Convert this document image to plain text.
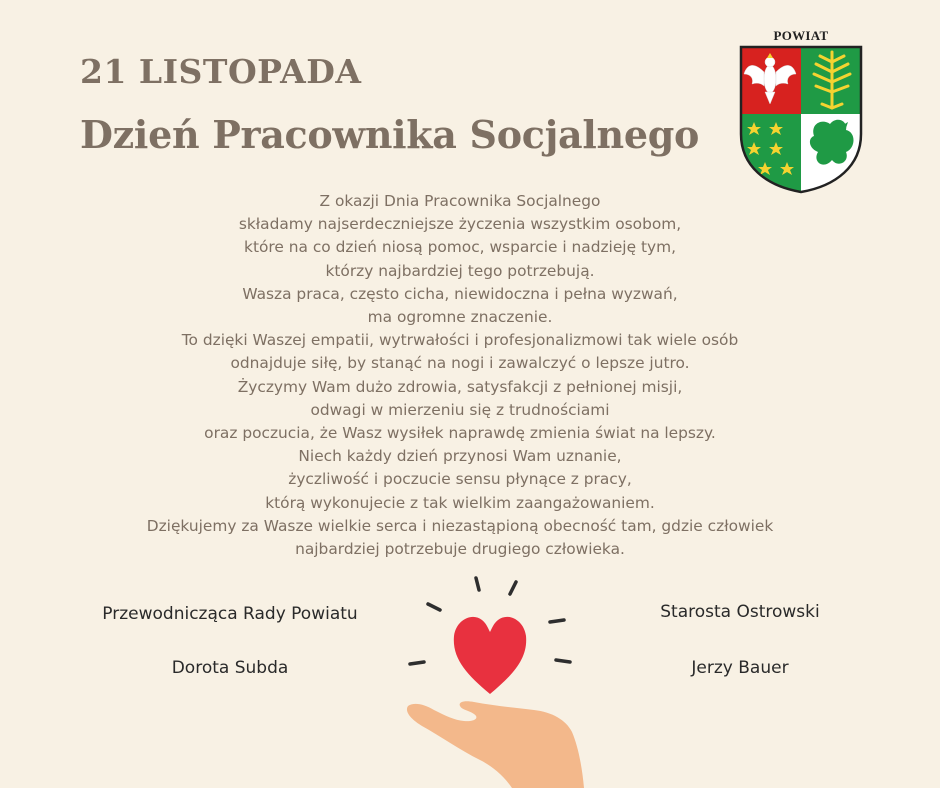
21 LISTOPADA
Dzień Pracownika Socjalnego
POWIAT
Z okazji Dnia Pracownika Socjalnego
składamy najserdeczniejsze życzenia wszystkim osobom,
które na co dzień niosą pomoc, wsparcie i nadzieję tym,
którzy najbardziej tego potrzebują.
Wasza praca, często cicha, niewidoczna i pełna wyzwań,
ma ogromne znaczenie.
To dzięki Waszej empatii, wytrwałości i profesjonalizmowi tak wiele osób
odnajduje siłę, by stanąć na nogi i zawalczyć o lepsze jutro.
Życzymy Wam dużo zdrowia, satysfakcji z pełnionej misji,
odwagi w mierzeniu się z trudnościami
oraz poczucia, że Wasz wysiłek naprawdę zmienia świat na lepszy.
Niech każdy dzień przynosi Wam uznanie,
życzliwość i poczucie sensu płynące z pracy,
którą wykonujecie z tak wielkim zaangażowaniem.
Dziękujemy za Wasze wielkie serca i niezastąpioną obecność tam, gdzie człowiek
najbardziej potrzebuje drugiego człowieka.
Przewodnicząca Rady Powiatu
Dorota Subda
Starosta Ostrowski
Jerzy Bauer
